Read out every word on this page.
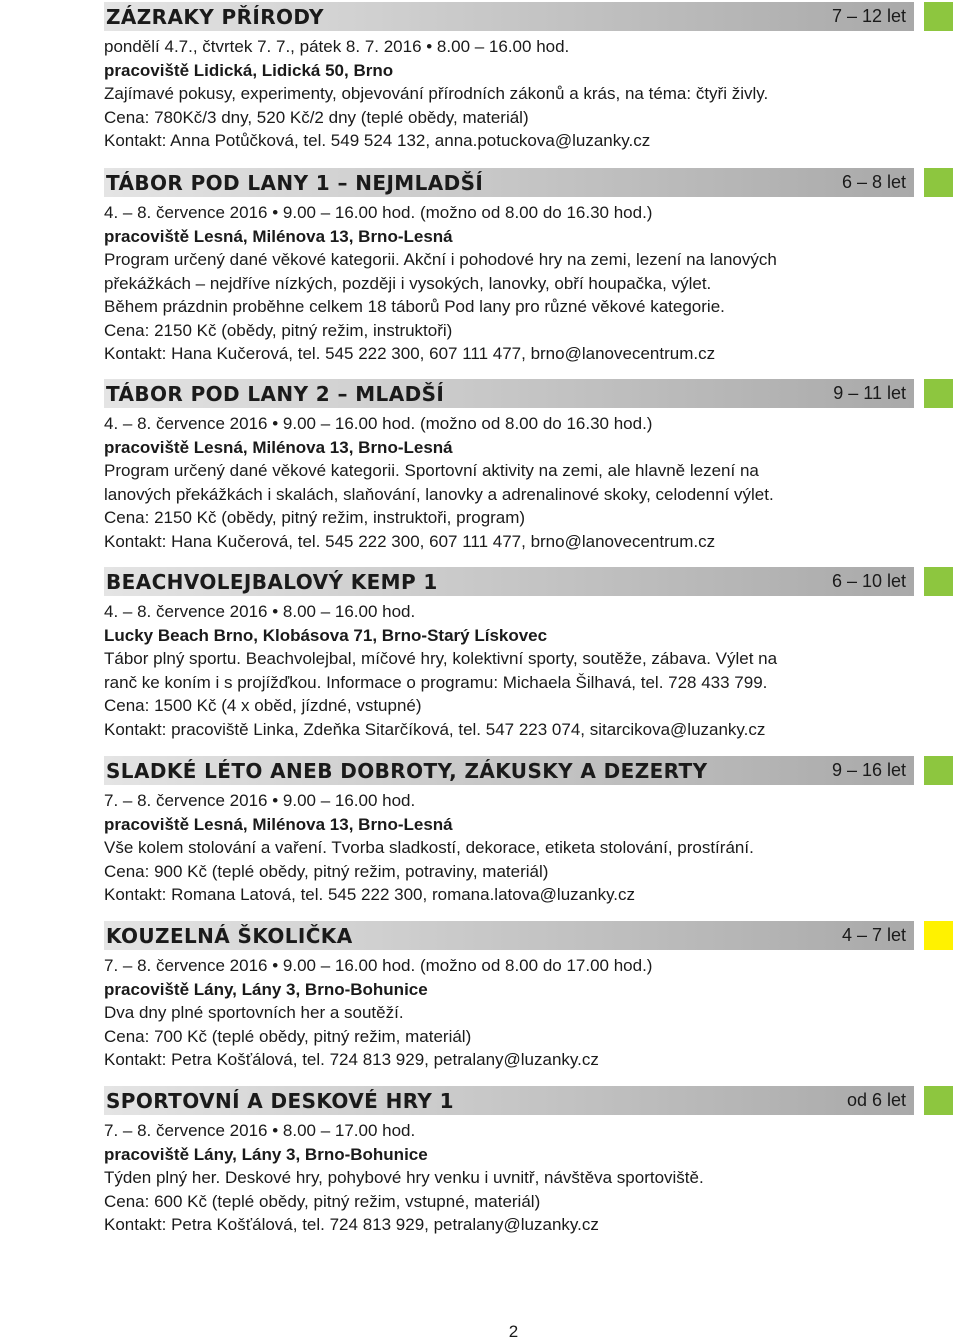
ZÁZRAKY PŘÍRODY	7 – 12 let
pondělí 4.7., čtvrtek 7. 7., pátek 8. 7. 2016 • 8.00 – 16.00 hod.
pracoviště Lidická, Lidická 50, Brno
Zajímavé pokusy, experimenty, objevování přírodních zákonů a krás, na téma: čtyři živly.
Cena: 780Kč/3 dny, 520 Kč/2 dny (teplé obědy, materiál)
Kontakt: Anna Potůčková, tel. 549 524 132, anna.potuckova@luzanky.cz
TÁBOR POD LANY 1 – NEJMLADŠÍ	6 – 8 let
4. – 8. července 2016 • 9.00 – 16.00 hod. (možno od 8.00 do 16.30 hod.)
pracoviště Lesná, Milénova 13, Brno-Lesná
Program určený dané věkové kategorii. Akční i pohodové hry na zemi, lezení na lanových
překážkách – nejdříve nízkých, později i vysokých, lanovky, obří houpačka, výlet.
Během prázdnin proběhne celkem 18 táborů Pod lany pro různé věkové kategorie.
Cena: 2150 Kč (obědy, pitný režim, instruktoři)
Kontakt: Hana Kučerová, tel. 545 222 300, 607 111 477, brno@lanovecentrum.cz
TÁBOR POD LANY 2 – MLADŠÍ	9 – 11 let
4. – 8. července 2016 • 9.00 – 16.00 hod. (možno od 8.00 do 16.30 hod.)
pracoviště Lesná, Milénova 13, Brno-Lesná
Program určený dané věkové kategorii. Sportovní aktivity na zemi, ale hlavně lezení na
lanových překážkách i skalách, slaňování, lanovky a adrenalinové skoky, celodenní výlet.
Cena: 2150 Kč (obědy, pitný režim, instruktoři, program)
Kontakt: Hana Kučerová, tel. 545 222 300, 607 111 477, brno@lanovecentrum.cz
BEACHVOLEJBALOVÝ KEMP 1	6 – 10 let
4. – 8. července 2016 • 8.00 – 16.00 hod.
Lucky Beach Brno, Klobásova 71, Brno-Starý Lískovec
Tábor plný sportu. Beachvolejbal, míčové hry, kolektivní sporty, soutěže, zábava. Výlet na
ranč ke koním i s projížďkou. Informace o programu: Michaela Šilhavá, tel. 728 433 799.
Cena: 1500 Kč (4 x oběd, jízdné, vstupné)
Kontakt: pracoviště Linka, Zdeňka Sitarčíková, tel. 547 223 074, sitarcikova@luzanky.cz
SLADKÉ LÉTO ANEB DOBROTY, ZÁKUSKY A DEZERTY	9 – 16 let
7. – 8. července 2016 • 9.00 – 16.00 hod.
pracoviště Lesná, Milénova 13, Brno-Lesná
Vše kolem stolování a vaření. Tvorba sladkostí, dekorace, etiketa stolování, prostírání.
Cena: 900 Kč (teplé obědy, pitný režim, potraviny, materiál)
Kontakt: Romana Latová, tel. 545 222 300, romana.latova@luzanky.cz
KOUZELNÁ ŠKOLIČKA	4 – 7 let
7. – 8. července 2016 • 9.00 – 16.00 hod. (možno od 8.00 do 17.00 hod.)
pracoviště Lány, Lány 3, Brno-Bohunice
Dva dny plné sportovních her a soutěží.
Cena: 700 Kč (teplé obědy, pitný režim, materiál)
Kontakt: Petra Košťálová, tel. 724 813 929, petralany@luzanky.cz
SPORTOVNÍ A DESKOVÉ HRY 1	od 6 let
7. – 8. července 2016 • 8.00 – 17.00 hod.
pracoviště Lány, Lány 3, Brno-Bohunice
Týden plný her. Deskové hry, pohybové hry venku i uvnitř, návštěva sportoviště.
Cena: 600 Kč (teplé obědy, pitný režim, vstupné, materiál)
Kontakt: Petra Košťálová, tel. 724 813 929, petralany@luzanky.cz
2
